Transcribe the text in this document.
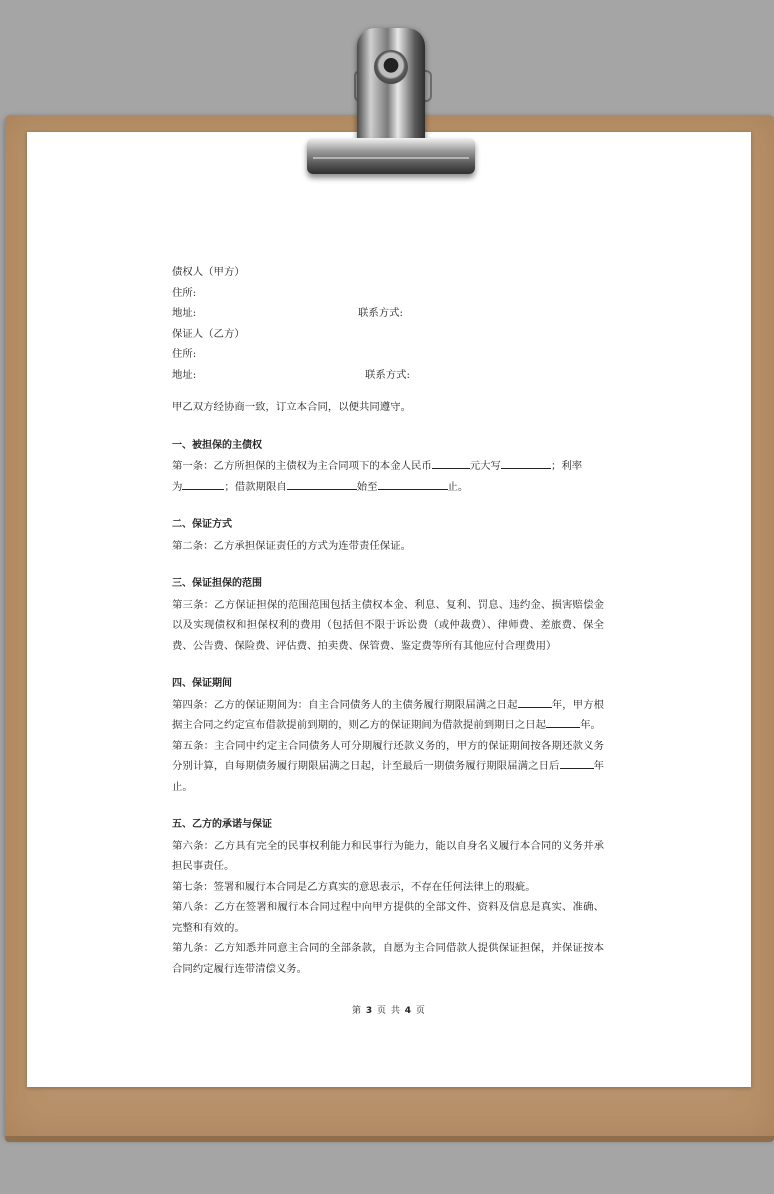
债权人（甲方）
住所:
地址:	联系方式:
保证人（乙方）
住所:
地址:	联系方式:
甲乙双方经协商一致，订立本合同，以便共同遵守。
一、被担保的主债权
第一条：乙方所担保的主债权为主合同项下的本金人民币	元大写	；利率
为	；借款期限自	始至	止。
二、保证方式
第二条：乙方承担保证责任的方式为连带责任保证。
三、保证担保的范围
第三条：乙方保证担保的范围范围包括主债权本金、利息、复利、罚息、违约金、损害赔偿金以及实现债权和担保权利的费用（包括但不限于诉讼费（或仲裁费）、律师费、差旅费、保全费、公告费、保险费、评估费、拍卖费、保管费、鉴定费等所有其他应付合理费用）
四、保证期间
第四条：乙方的保证期间为：自主合同债务人的主债务履行期限届满之日起	年，甲方根据主合同之约定宣布借款提前到期的，则乙方的保证期间为借款提前到期日之日起	年。
第五条：主合同中约定主合同债务人可分期履行还款义务的，甲方的保证期间按各期还款义务分别计算，自每期债务履行期限届满之日起，计至最后一期债务履行期限届满之日后	年止。
五、乙方的承诺与保证
第六条：乙方具有完全的民事权利能力和民事行为能力，能以自身名义履行本合同的义务并承担民事责任。
第七条：签署和履行本合同是乙方真实的意思表示，不存在任何法律上的瑕疵。
第八条：乙方在签署和履行本合同过程中向甲方提供的全部文件、资料及信息是真实、准确、完整和有效的。
第九条：乙方知悉并同意主合同的全部条款，自愿为主合同借款人提供保证担保，并保证按本合同约定履行连带清偿义务。
第 3 页 共 4 页
